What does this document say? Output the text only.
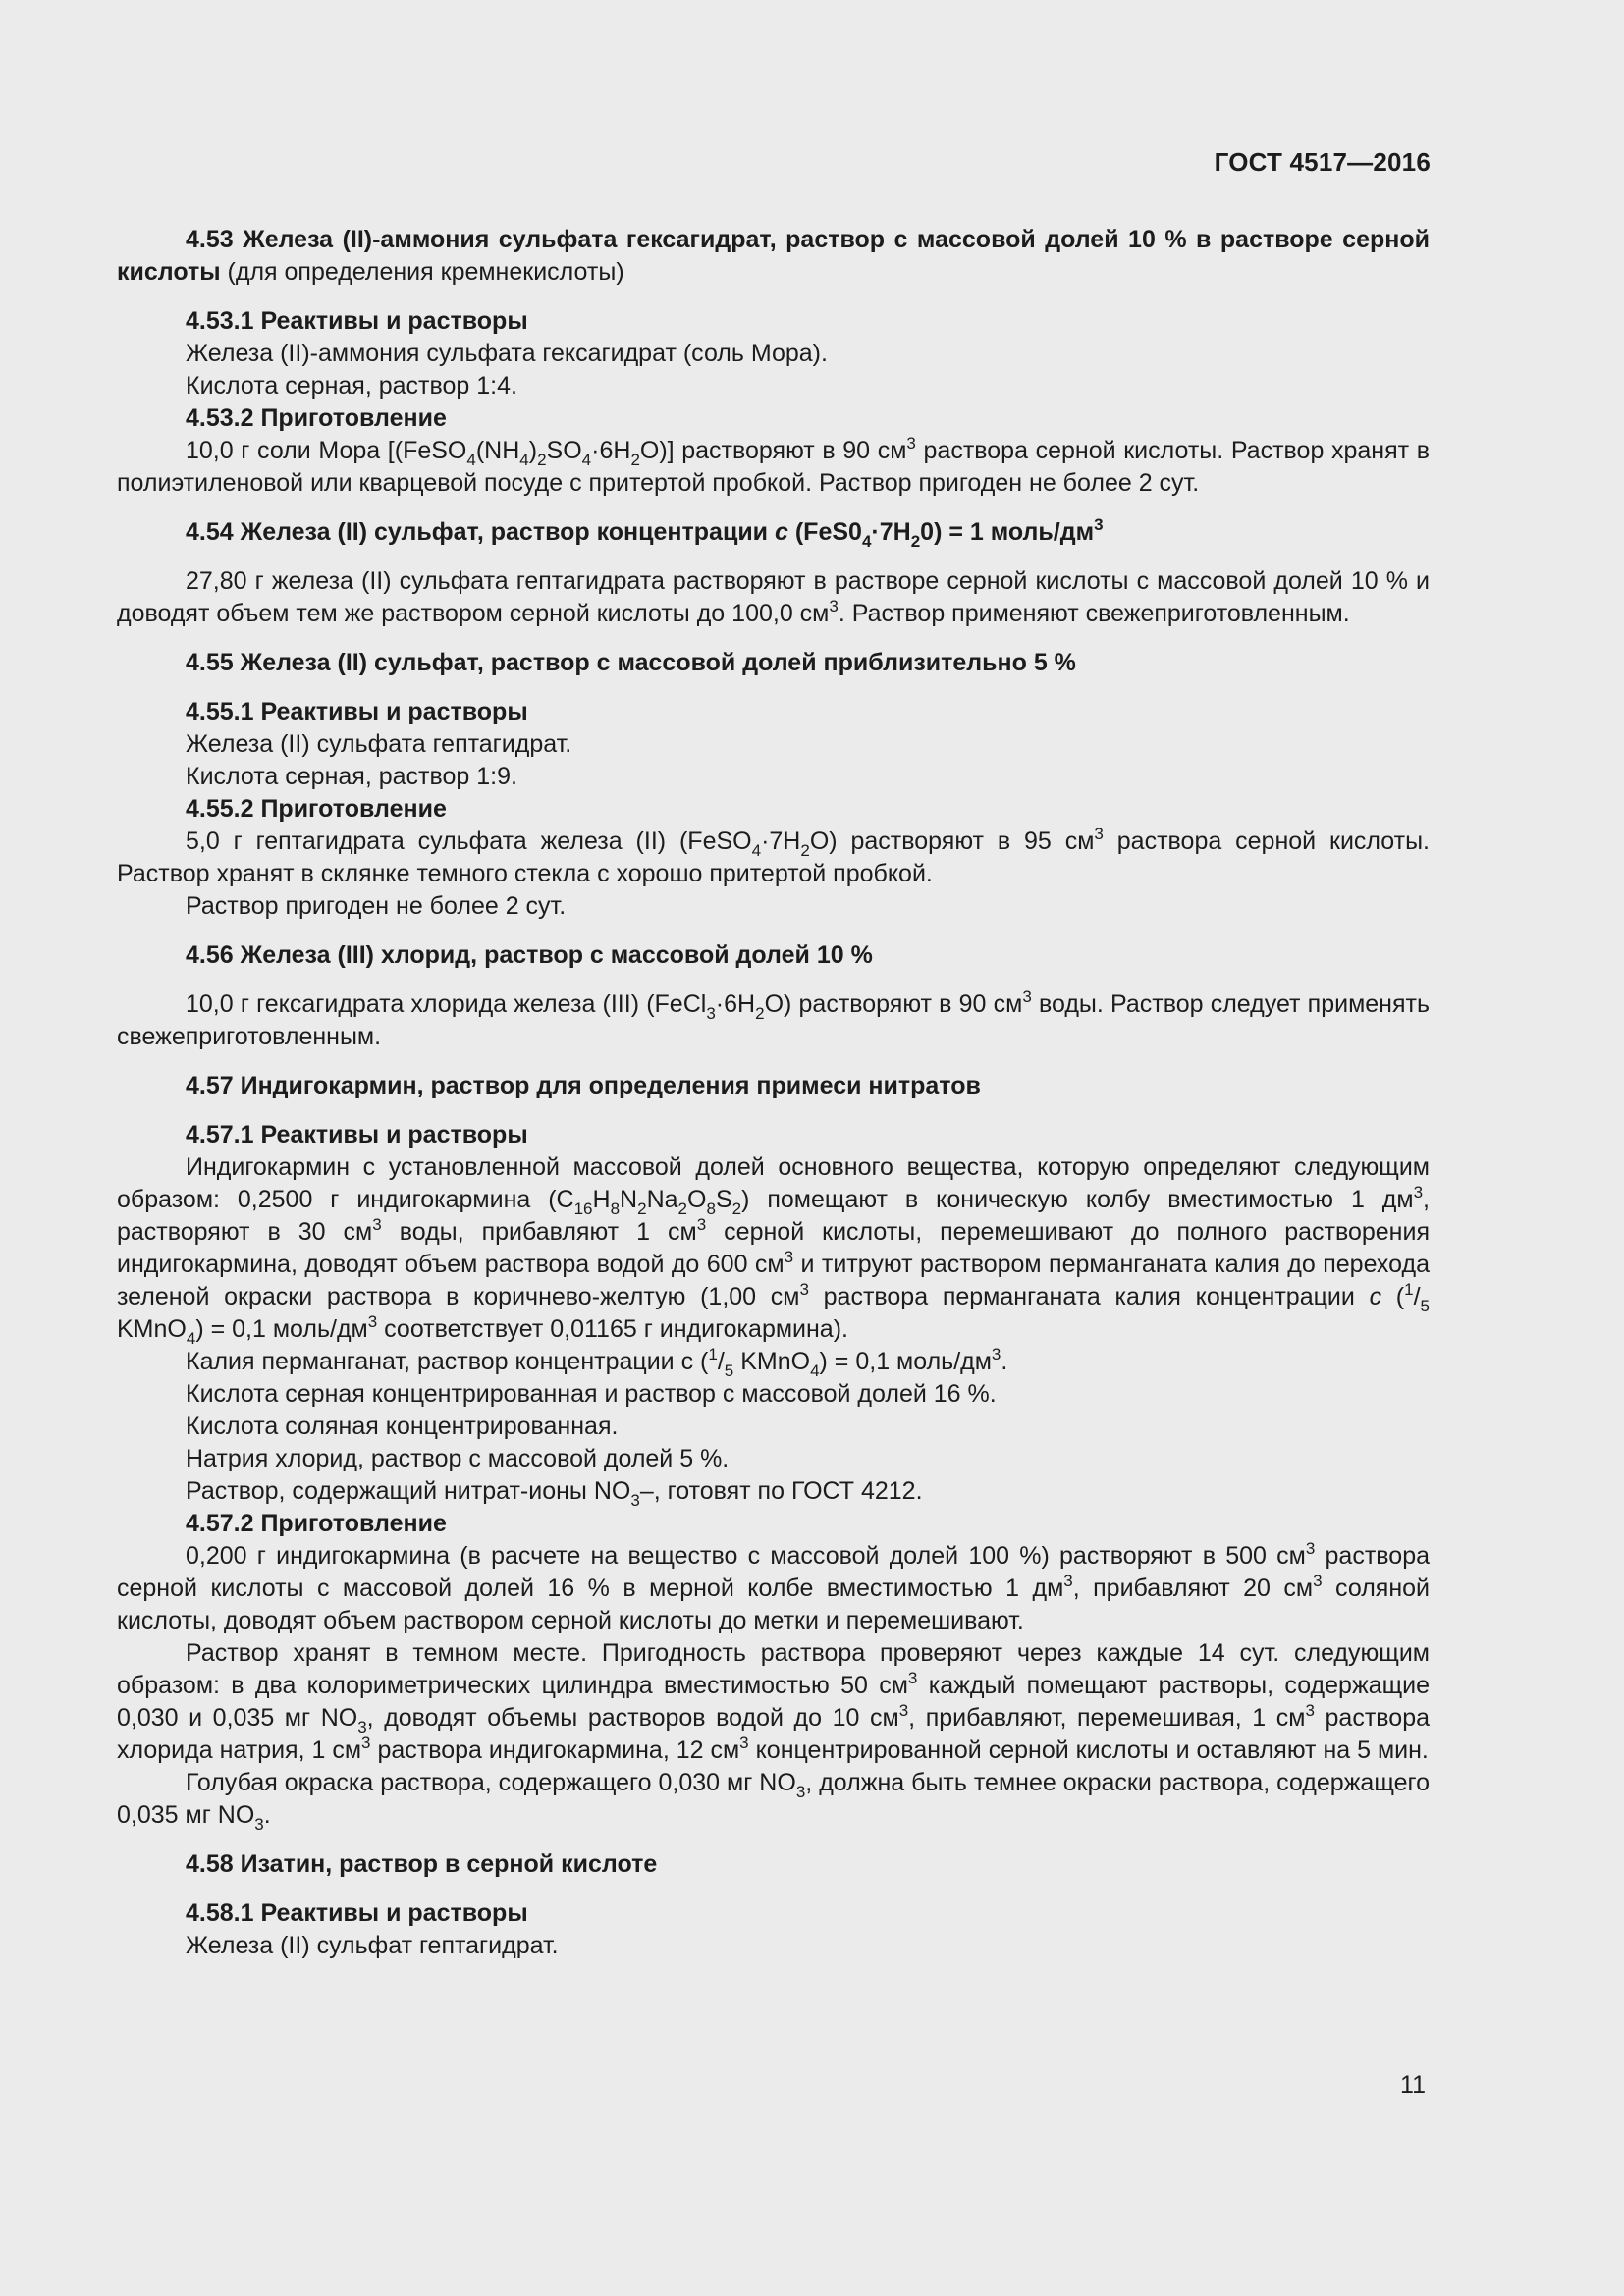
ГОСТ 4517—2016

4.53 Железа (II)-аммония сульфата гексагидрат, раствор с массовой долей 10 % в растворе серной кислоты (для определения кремнекислоты)

4.53.1 Реактивы и растворы

Железа (II)-аммония сульфата гексагидрат (соль Мора).

Кислота серная, раствор 1:4.

4.53.2 Приготовление

10,0 г соли Мора $[(FeSO_4(NH_4)_2SO_4\cdot 6H_2O)]$ растворяют в 90 $см^3$ раствора серной кислоты. Раствор хранят в полиэтиленовой или кварцевой посуде с притертой пробкой. Раствор пригоден не более 2 сут.

4.54 Железа (II) сульфат, раствор концентрации c $(FeS0_4\cdot 7H_20) = 1$ моль/$дм^3$

27,80 г железа (II) сульфата гептагидрата растворяют в растворе серной кислоты с массовой долей 10 % и доводят объем тем же раствором серной кислоты до 100,0 $см^3$. Раствор применяют свежеприготовленным.

4.55 Железа (II) сульфат, раствор с массовой долей приблизительно 5 %

4.55.1 Реактивы и растворы

Железа (II) сульфата гептагидрат.

Кислота серная, раствор 1:9.

4.55.2 Приготовление

5,0 г гептагидрата сульфата железа (II) $(FeSO_4\cdot 7H_2O)$ растворяют в 95 $см^3$ раствора серной кислоты. Раствор хранят в склянке темного стекла с хорошо притертой пробкой.

Раствор пригоден не более 2 сут.

4.56 Железа (III) хлорид, раствор с массовой долей 10 %

10,0 г гексагидрата хлорида железа (III) $(FeCl_3\cdot 6H_2O)$ растворяют в 90 $см^3$ воды. Раствор следует применять свежеприготовленным.

4.57 Индигокармин, раствор для определения примеси нитратов

4.57.1 Реактивы и растворы

Индигокармин с установленной массовой долей основного вещества, которую определяют следующим образом: 0,2500 г индигокармина $(C_{16}H_8N_2Na_2O_8S_2)$ помещают в коническую колбу вместимостью 1 $дм^3$, растворяют в 30 $см^3$ воды, прибавляют 1 $см^3$ серной кислоты, перемешивают до полного растворения индигокармина, доводят объем раствора водой до 600 $см^3$ и титруют раствором перманганата калия до перехода зеленой окраски раствора в коричнево-желтую (1,00 $см^3$ раствора перманганата калия концентрации c ($^1/_5$ KMnO$_4$) = 0,1 моль/$дм^3$ соответствует 0,01165 г индигокармина).

Калия перманганат, раствор концентрации с ($^1/_5$ KMnO$_4$) = 0,1 моль/$дм^3$.

Кислота серная концентрированная и раствор с массовой долей 16 %.

Кислота соляная концентрированная.

Натрия хлорид, раствор с массовой долей 5 %.

Раствор, содержащий нитрат-ионы $NO_3-$, готовят по ГОСТ 4212.

4.57.2 Приготовление

0,200 г индигокармина (в расчете на вещество с массовой долей 100 %) растворяют в 500 $см^3$ раствора серной кислоты с массовой долей 16 % в мерной колбе вместимостью 1 $дм^3$, прибавляют 20 $см^3$ соляной кислоты, доводят объем раствором серной кислоты до метки и перемешивают.

Раствор хранят в темном месте. Пригодность раствора проверяют через каждые 14 сут. следующим образом: в два колориметрических цилиндра вместимостью 50 $см^3$ каждый помещают растворы, содержащие 0,030 и 0,035 мг $NO_3$, доводят объемы растворов водой до 10 $см^3$, прибавляют, перемешивая, 1 $см^3$ раствора хлорида натрия, 1 $см^3$ раствора индигокармина, 12 $см^3$ концентрированной серной кислоты и оставляют на 5 мин.

Голубая окраска раствора, содержащего 0,030 мг $NO_3$, должна быть темнее окраски раствора, содержащего 0,035 мг $NO_3$.

4.58 Изатин, раствор в серной кислоте

4.58.1 Реактивы и растворы

Железа (II) сульфат гептагидрат.

11
